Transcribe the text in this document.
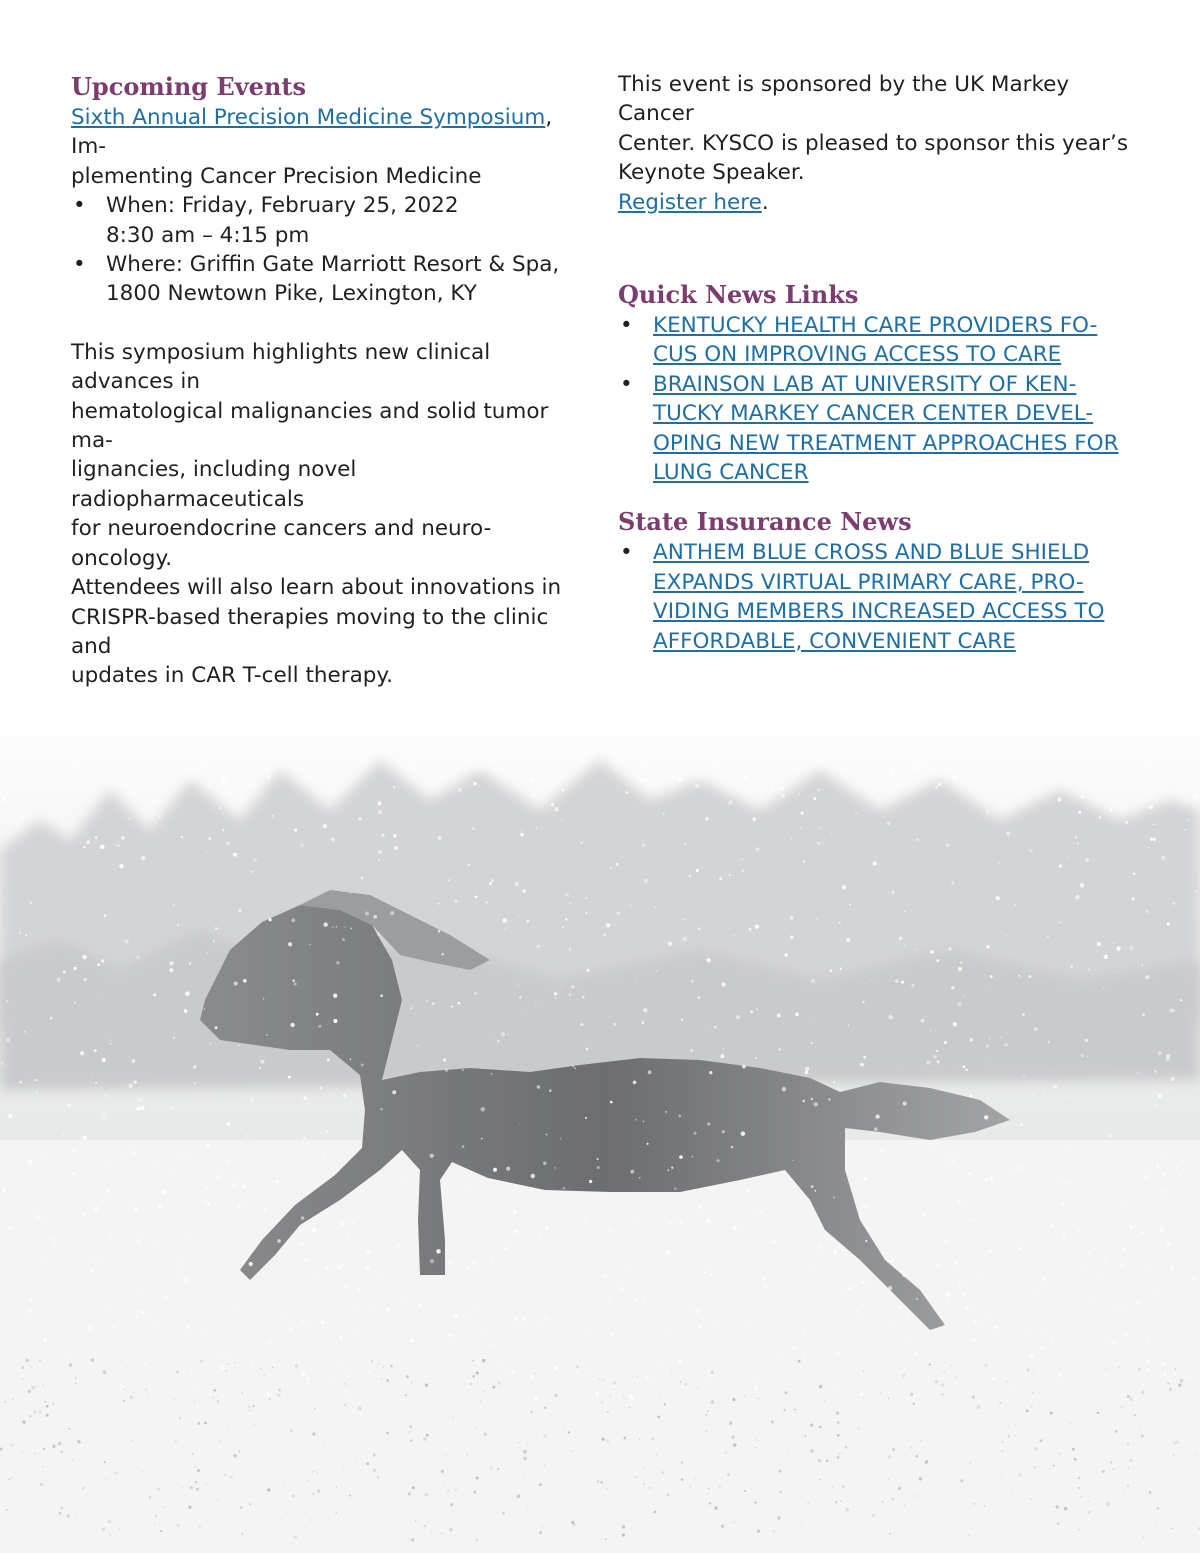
Upcoming Events
Sixth Annual Precision Medicine Symposium, Im-
plementing Cancer Precision Medicine
• When: Friday, February 25, 2022
8:30 am – 4:15 pm
• Where: Griffin Gate Marriott Resort & Spa,
1800 Newtown Pike, Lexington, KY
This symposium highlights new clinical advances in
hematological malignancies and solid tumor ma-
lignancies, including novel radiopharmaceuticals
for neuroendocrine cancers and neuro-oncology.
Attendees will also learn about innovations in
CRISPR-based therapies moving to the clinic and
updates in CAR T-cell therapy.
This event is sponsored by the UK Markey Cancer
Center. KYSCO is pleased to sponsor this year’s
Keynote Speaker.
Register here.
Quick News Links
• KENTUCKY HEALTH CARE PROVIDERS FO-
CUS ON IMPROVING ACCESS TO CARE
• BRAINSON LAB AT UNIVERSITY OF KEN-
TUCKY MARKEY CANCER CENTER DEVEL-
OPING NEW TREATMENT APPROACHES FOR
LUNG CANCER
State Insurance News
• ANTHEM BLUE CROSS AND BLUE SHIELD
EXPANDS VIRTUAL PRIMARY CARE, PRO-
VIDING MEMBERS INCREASED ACCESS TO
AFFORDABLE, CONVENIENT CARE
